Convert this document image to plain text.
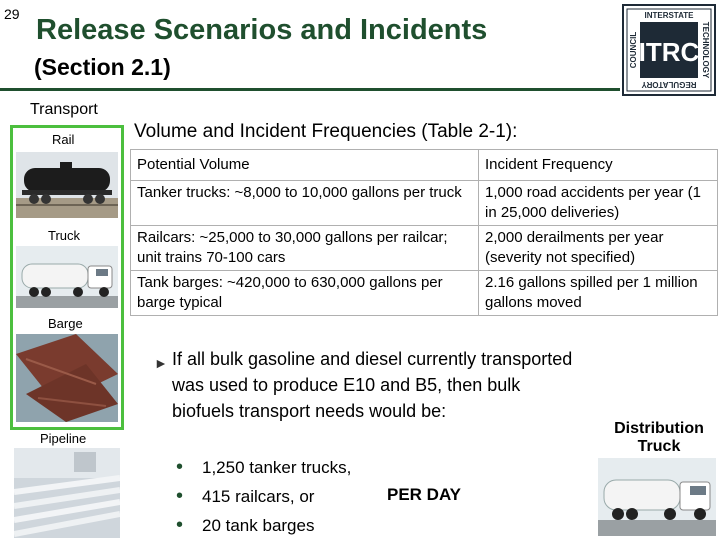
29 Release Scenarios and Incidents
(Section 2.1)	ITRC
INTERSTATE
REGULATORY
COUNCIL	TECHNOLOGY
Transport
Rail
Truck
Barge
Pipeline
Volume and Incident Frequencies (Table 2-1):
Potential Volume	Incident Frequency
Tanker trucks: ~8,000 to 10,000 gallons per truck	1,000 road accidents per year (1 in 25,000 deliveries)
Railcars: ~25,000 to 30,000 gallons per railcar; unit trains 70-100 cars	2,000 derailments per year (severity not specified)
Tank barges: ~420,000 to 630,000 gallons per barge typical	2.16 gallons spilled per 1 million gallons moved
► If all bulk gasoline and diesel currently transported was used to produce E10 and B5, then bulk biofuels transport needs would be:
• 1,250 tanker trucks,
• 415 railcars, or
• 20 tank barges
PER DAY
Distribution Truck
